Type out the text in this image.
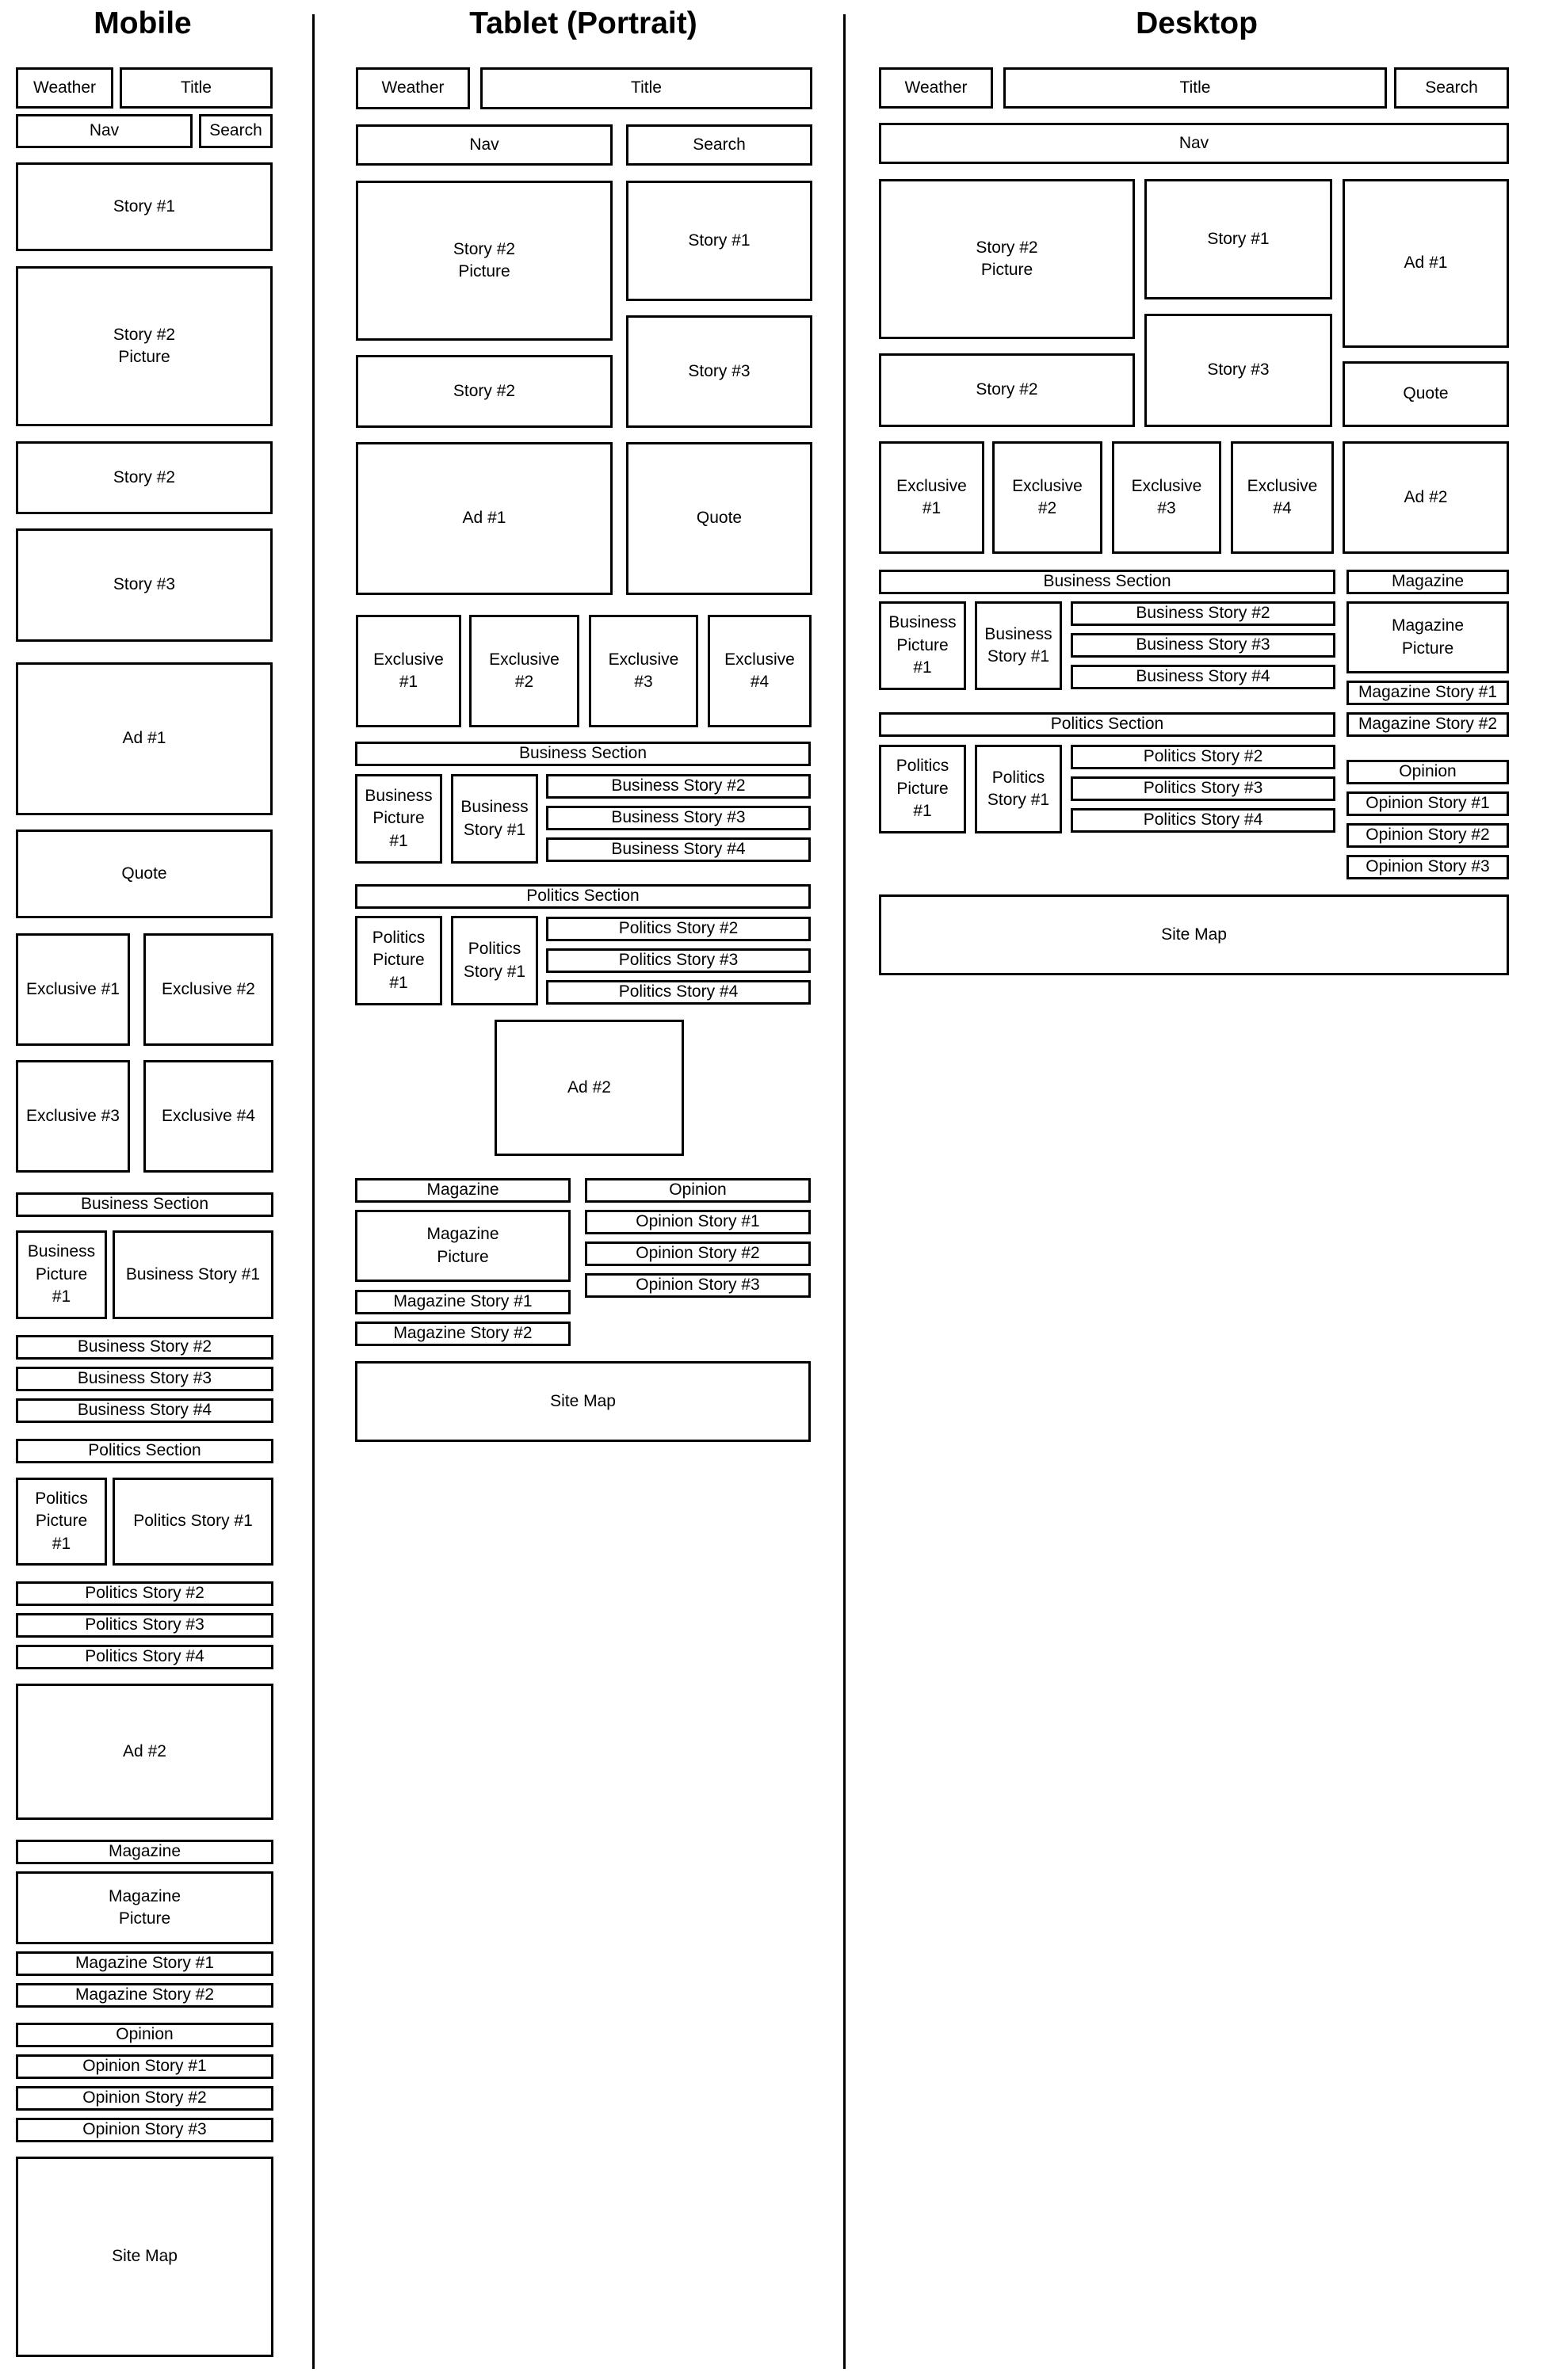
Mobile	Tablet (Portrait)	Desktop
Weather	Title
Nav	Search
Story #1
Story #2
Picture
Story #2
Story #3
Ad #1
Quote
Exclusive #1	Exclusive #2
Exclusive #3	Exclusive #4
Business Section
Business
Picture
#1
Business Story #1
Business Story #2
Business Story #3
Business Story #4
Politics Section
Politics
Picture
#1
Politics Story #1
Politics Story #2
Politics Story #3
Politics Story #4
Ad #2
Magazine
Magazine
Picture
Magazine Story #1
Magazine Story #2
Opinion
Opinion Story #1
Opinion Story #2
Opinion Story #3
Site Map
Weather	Title
Nav	Search
Story #2
Picture
Story #1
Story #2
Story #3
Ad #1	Quote
Exclusive
#1
Exclusive
#2
Exclusive
#3
Exclusive
#4
Business Section
Business
Picture
#1
Business
Story #1
Business Story #2
Business Story #3
Business Story #4
Politics Section
Politics
Picture
#1
Politics
Story #1
Politics Story #2
Politics Story #3
Politics Story #4
Ad #2
Magazine
Magazine
Picture
Magazine Story #1
Magazine Story #2
Opinion
Opinion Story #1
Opinion Story #2
Opinion Story #3
Site Map
Weather	Title	Search
Nav
Story #2
Picture
Story #1
Ad #1
Story #2
Story #3
Quote
Exclusive
#1
Exclusive
#2
Exclusive
#3
Exclusive
#4
Ad #2
Business Section
Business
Picture
#1
Business
Story #1
Business Story #2
Business Story #3
Business Story #4
Magazine
Magazine
Picture
Magazine Story #1
Magazine Story #2
Politics Section
Politics
Picture
#1
Politics
Story #1
Politics Story #2
Politics Story #3
Politics Story #4
Opinion
Opinion Story #1
Opinion Story #2
Opinion Story #3
Site Map
